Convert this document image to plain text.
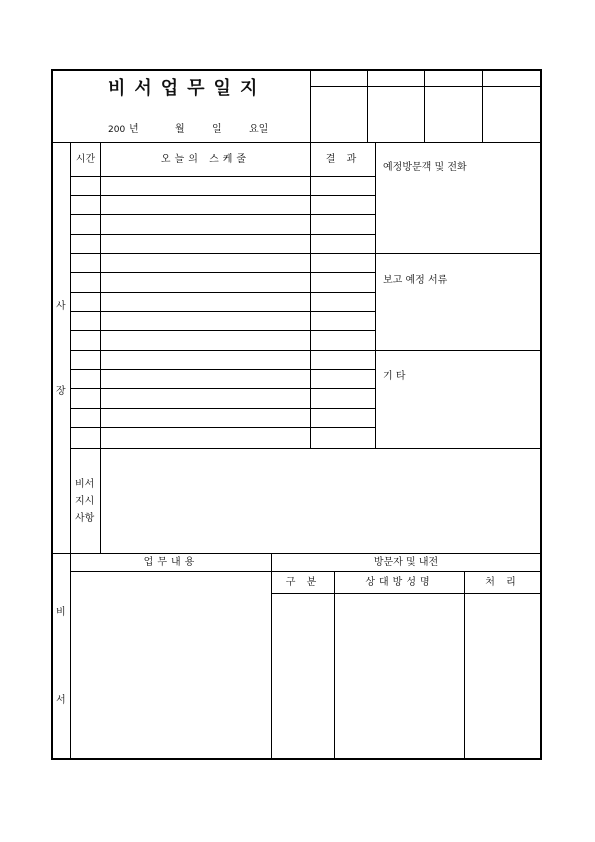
비서업무일지
200 년	월	일	요일
사
장
시간	오늘의 스케줄	결 과
예정방문객 및 전화
보고 예정 서류
기 타
비서
지시
사항
비
서
업무내용	방문자 및 내전
구 분	상대방성명	처 리
